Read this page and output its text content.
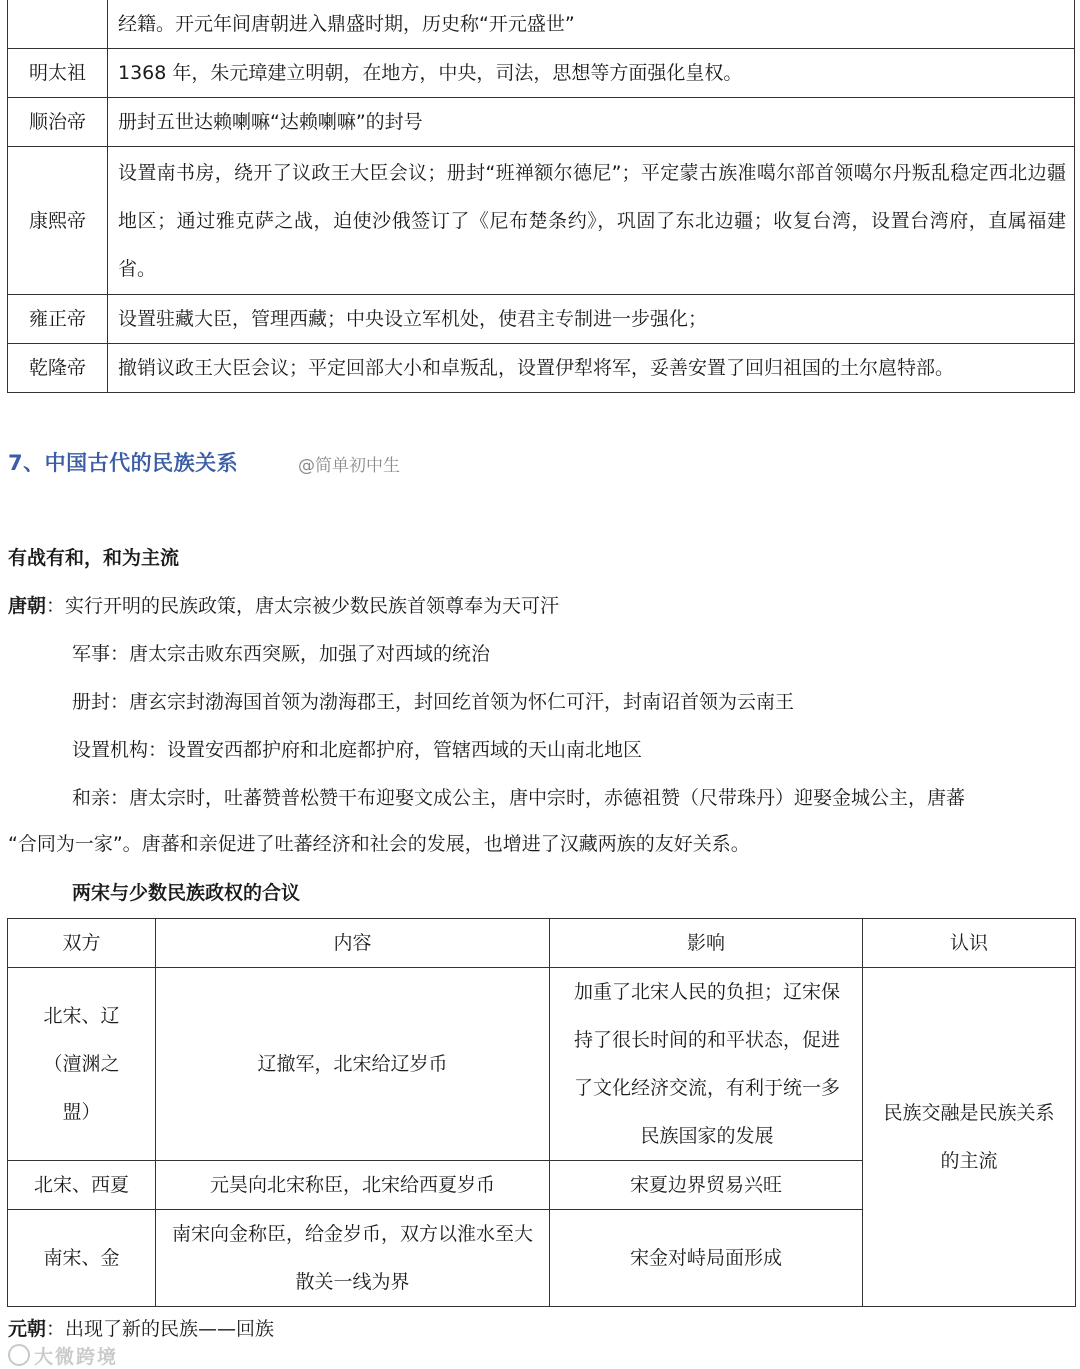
	经籍。开元年间唐朝进入鼎盛时期，历史称“开元盛世”
明太祖	1368 年，朱元璋建立明朝，在地方，中央，司法，思想等方面强化皇权。
顺治帝	册封五世达赖喇嘛“达赖喇嘛”的封号
康熙帝	设置南书房，绕开了议政王大臣会议；册封“班禅额尔德尼”；平定蒙古族准噶尔部首领噶尔丹叛乱稳定西北边疆地区；通过雅克萨之战，迫使沙俄签订了《尼布楚条约》，巩固了东北边疆；收复台湾，设置台湾府，直属福建省。
雍正帝	设置驻藏大臣，管理西藏；中央设立军机处，使君主专制进一步强化；
乾隆帝	撤销议政王大臣会议；平定回部大小和卓叛乱，设置伊犁将军，妥善安置了回归祖国的土尔扈特部。
7、中国古代的民族关系	@简单初中生
有战有和，和为主流
唐朝：实行开明的民族政策，唐太宗被少数民族首领尊奉为天可汗
军事：唐太宗击败东西突厥，加强了对西域的统治
册封：唐玄宗封渤海国首领为渤海郡王，封回纥首领为怀仁可汗，封南诏首领为云南王
设置机构：设置安西都护府和北庭都护府，管辖西域的天山南北地区
和亲：唐太宗时，吐蕃赞普松赞干布迎娶文成公主，唐中宗时，赤德祖赞（尺带珠丹）迎娶金城公主，唐蕃
“合同为一家”。唐蕃和亲促进了吐蕃经济和社会的发展，也增进了汉藏两族的友好关系。
两宋与少数民族政权的合议
双方	内容	影响	认识
北宋、辽（澶渊之盟）	辽撤军，北宋给辽岁币	加重了北宋人民的负担；辽宋保持了很长时间的和平状态，促进了文化经济交流，有利于统一多民族国家的发展	民族交融是民族关系的主流
北宋、西夏	元昊向北宋称臣，北宋给西夏岁币	宋夏边界贸易兴旺	
南宋、金	南宋向金称臣，给金岁币，双方以淮水至大散关一线为界	宋金对峙局面形成	
元朝：出现了新的民族——回族
大微跨境
